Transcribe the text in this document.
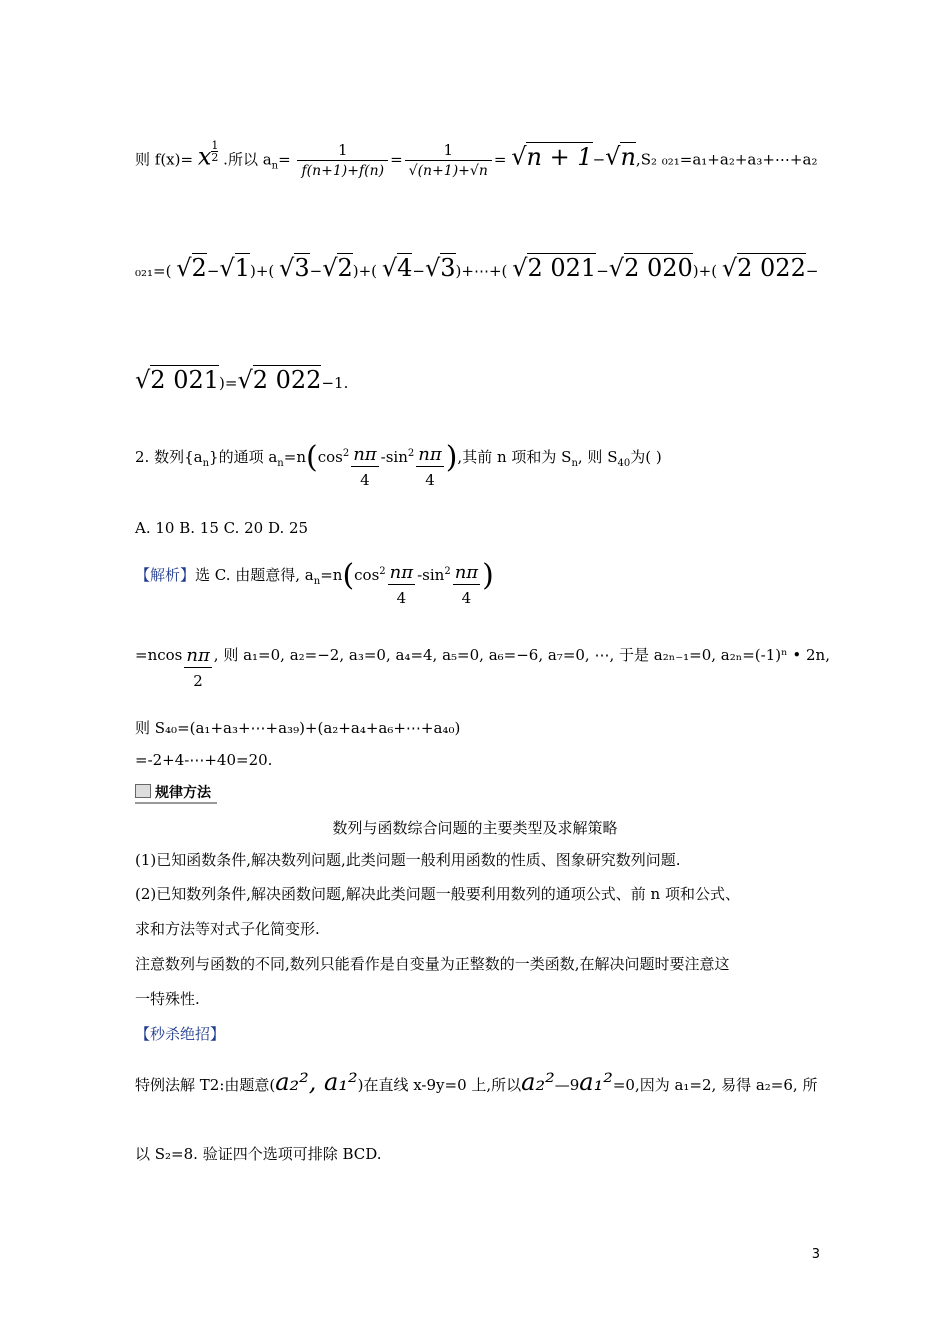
则 f(x)= x $\frac{1}{2}$ .所以 $a_n= \frac{1}{f(n+1)+f(n)} = \frac{1}{√(n+1)+√n} = √n + 1-√n,S_2$ ₀₂₁=a₁+a₂+a₃+⋯+a₂
₀₂₁=( √2−√1)+( √3−√2)+( √4−√3)+⋯+( √2 021−√2 020)+( √2 022−
√2 021)=√2 022−1.
2. 数列$\{a_n\}$的通项 $a_n=n(\cos^2$ nπ
4
$-\sin^2$ nπ
4
),其前 n 项和为 $S_n$, 则 $S_{40}$为( )
A. 10 B. 15 C. 20 D. 25
【解析】选 C. 由题意得, $a_n=n(\cos^2$ nπ
4
$-\sin^2$ nπ
4
)
=ncos nπ
2
, 则 a₁=0, a₂=−2, a₃=0, a₄=4, a₅=0, a₆=−6, a₇=0, ⋯, 于是 a₂ₙ₋₁=0, a₂ₙ=(-1)ⁿ • 2n,
则 S₄₀=(a₁+a₃+⋯+a₃₉)+(a₂+a₄+a₆+⋯+a₄₀)
=-2+4-⋯+40=20.
规律方法
数列与函数综合问题的主要类型及求解策略
(1)已知函数条件,解决数列问题,此类问题一般利用函数的性质、图象研究数列问题.
(2)已知数列条件,解决函数问题,解决此类问题一般要利用数列的通项公式、前 n 项和公式、
求和方法等对式子化简变形.
注意数列与函数的不同,数列只能看作是自变量为正整数的一类函数,在解决问题时要注意这
一特殊性.
【秒杀绝招】
特例法解 T2:由题意(a₂², a₁²)在直线 x-9y=0 上,所以a₂²—9a₁²=0,因为 a₁=2, 易得 a₂=6, 所
以 S₂=8. 验证四个选项可排除 BCD.
3
